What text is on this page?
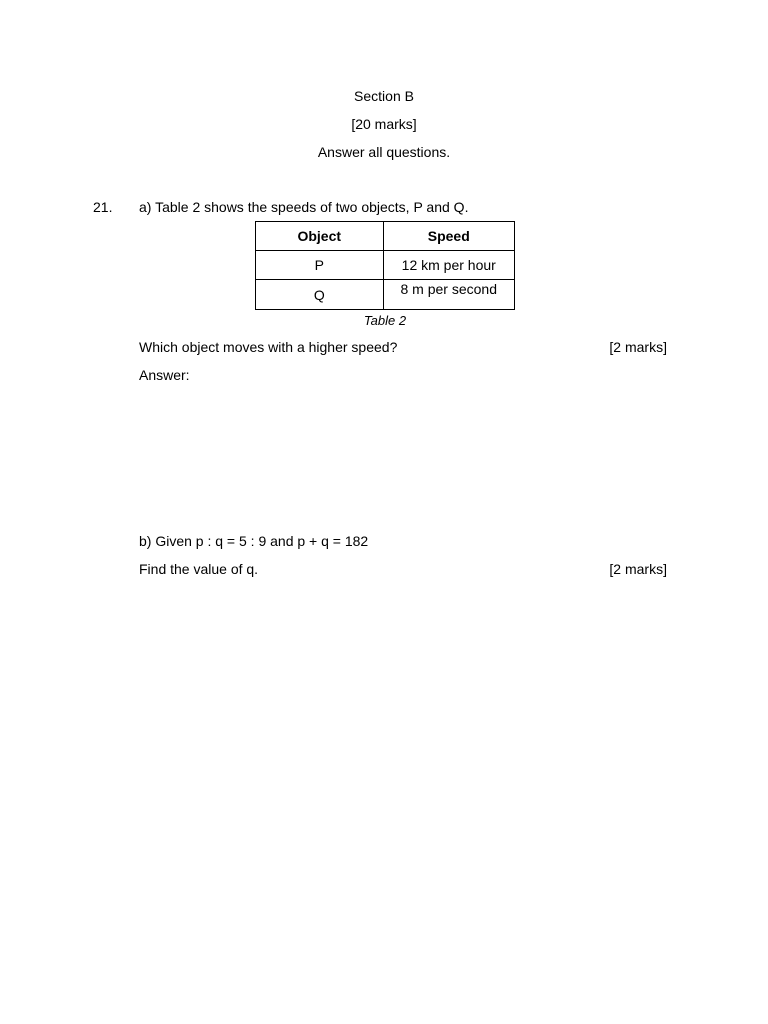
Section B
[20 marks]
Answer all questions.
21. a) Table 2 shows the speeds of two objects, P and Q.
Object	Speed
P	12 km per hour
Q	8 m per second
Table 2
Which object moves with a higher speed?	[2 marks]
Answer:
b) Given p : q = 5 : 9 and p + q = 182
Find the value of q.	[2 marks]
